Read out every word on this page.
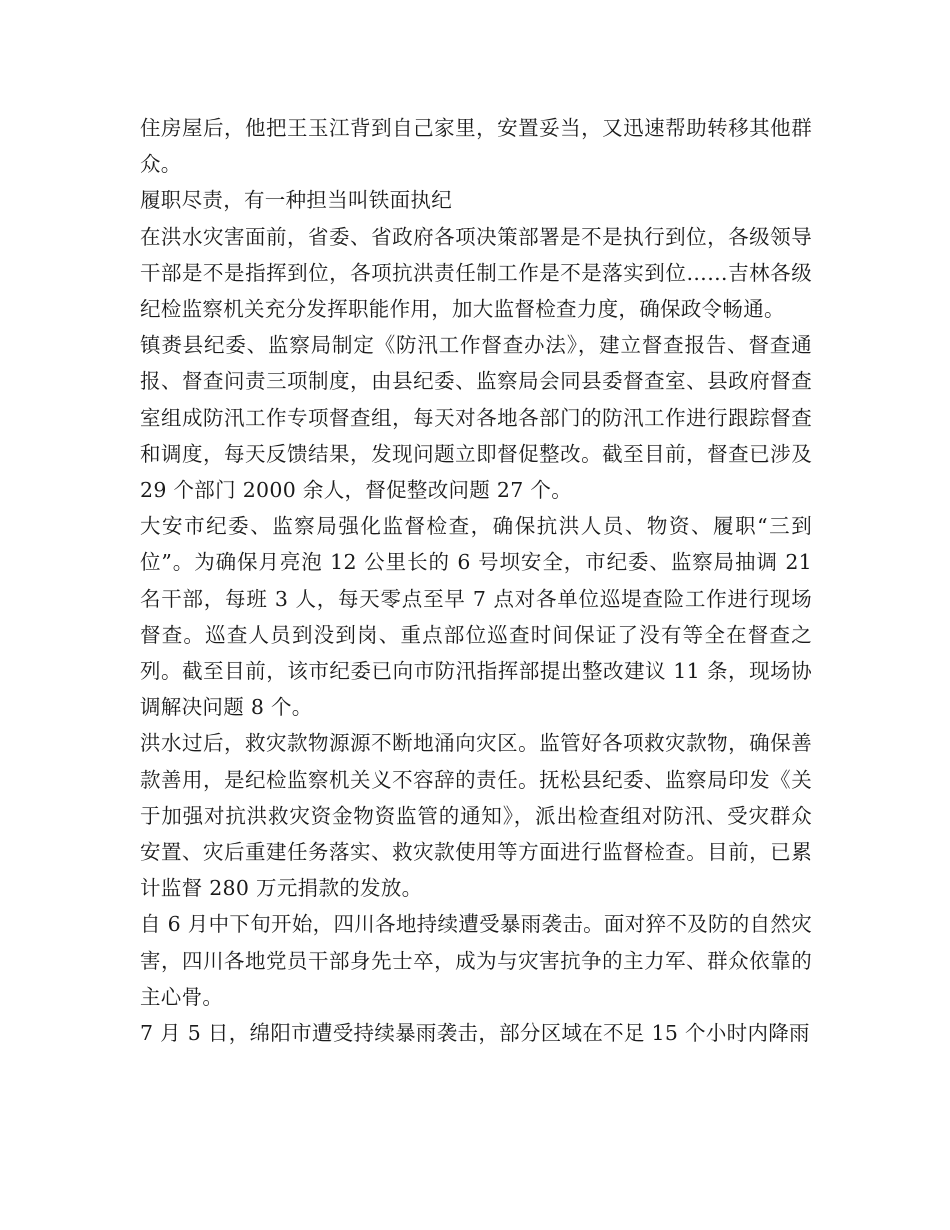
住房屋后，他把王玉江背到自己家里，安置妥当，又迅速帮助转移其他群众。

履职尽责，有一种担当叫铁面执纪

在洪水灾害面前，省委、省政府各项决策部署是不是执行到位，各级领导干部是不是指挥到位，各项抗洪责任制工作是不是落实到位……吉林各级纪检监察机关充分发挥职能作用，加大监督检查力度，确保政令畅通。

镇赉县纪委、监察局制定《防汛工作督查办法》，建立督查报告、督查通报、督查问责三项制度，由县纪委、监察局会同县委督查室、县政府督查室组成防汛工作专项督查组，每天对各地各部门的防汛工作进行跟踪督查和调度，每天反馈结果，发现问题立即督促整改。截至目前，督查已涉及 29 个部门 2000 余人，督促整改问题 27 个。

大安市纪委、监察局强化监督检查，确保抗洪人员、物资、履职“三到位”。为确保月亮泡 12 公里长的 6 号坝安全，市纪委、监察局抽调 21 名干部，每班 3 人，每天零点至早 7 点对各单位巡堤查险工作进行现场督查。巡查人员到没到岗、重点部位巡查时间保证了没有等全在督查之列。截至目前，该市纪委已向市防汛指挥部提出整改建议 11 条，现场协调解决问题 8 个。

洪水过后，救灾款物源源不断地涌向灾区。监管好各项救灾款物，确保善款善用，是纪检监察机关义不容辞的责任。抚松县纪委、监察局印发《关于加强对抗洪救灾资金物资监管的通知》，派出检查组对防汛、受灾群众安置、灾后重建任务落实、救灾款使用等方面进行监督检查。目前，已累计监督 280 万元捐款的发放。

自 6 月中下旬开始，四川各地持续遭受暴雨袭击。面对猝不及防的自然灾害，四川各地党员干部身先士卒，成为与灾害抗争的主力军、群众依靠的主心骨。

7 月 5 日，绵阳市遭受持续暴雨袭击，部分区域在不足 15 个小时内降雨
